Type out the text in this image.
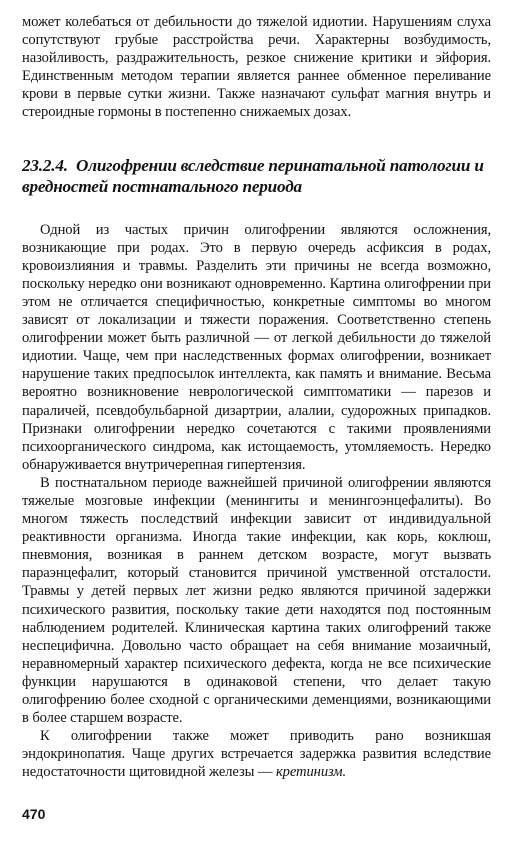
может колебаться от дебильности до тяжелой идиотии. Нарушениям слуха сопутствуют грубые расстройства речи. Характерны возбудимость, назойливость, раздражительность, резкое снижение критики и эйфория. Единственным методом терапии является раннее обменное переливание крови в первые сутки жизни. Также назначают сульфат магния внутрь и стероидные гормоны в постепенно снижаемых дозах.

23.2.4. Олигофрении вследствие перинатальной патологии и вредностей постнатального периода

Одной из частых причин олигофрении являются осложнения, возникающие при родах. Это в первую очередь асфиксия в родах, кровоизлияния и травмы. Разделить эти причины не всегда возможно, поскольку нередко они возникают одновременно. Картина олигофрении при этом не отличается специфичностью, конкретные симптомы во многом зависят от локализации и тяжести поражения. Соответственно степень олигофрении может быть различной — от легкой дебильности до тяжелой идиотии. Чаще, чем при наследственных формах олигофрении, возникает нарушение таких предпосылок интеллекта, как память и внимание. Весьма вероятно возникновение неврологической симптоматики — парезов и параличей, псевдобульбарной дизартрии, алалии, судорожных припадков. Признаки олигофрении нередко сочетаются с такими проявлениями психоорганического синдрома, как истощаемость, утомляемость. Нередко обнаруживается внутричерепная гипертензия.

В постнатальном периоде важнейшей причиной олигофрении являются тяжелые мозговые инфекции (менингиты и менингоэнцефалиты). Во многом тяжесть последствий инфекции зависит от индивидуальной реактивности организма. Иногда такие инфекции, как корь, коклюш, пневмония, возникая в раннем детском возрасте, могут вызвать параэнцефалит, который становится причиной умственной отсталости. Травмы у детей первых лет жизни редко являются причиной задержки психического развития, поскольку такие дети находятся под постоянным наблюдением родителей. Клиническая картина таких олигофрений также неспецифична. Довольно часто обращает на себя внимание мозаичный, неравномерный характер психического дефекта, когда не все психические функции нарушаются в одинаковой степени, что делает такую олигофрению более сходной с органическими деменциями, возникающими в более старшем возрасте.

К олигофрении также может приводить рано возникшая эндокринопатия. Чаще других встречается задержка развития вследствие недостаточности щитовидной железы — кретинизм.

470
